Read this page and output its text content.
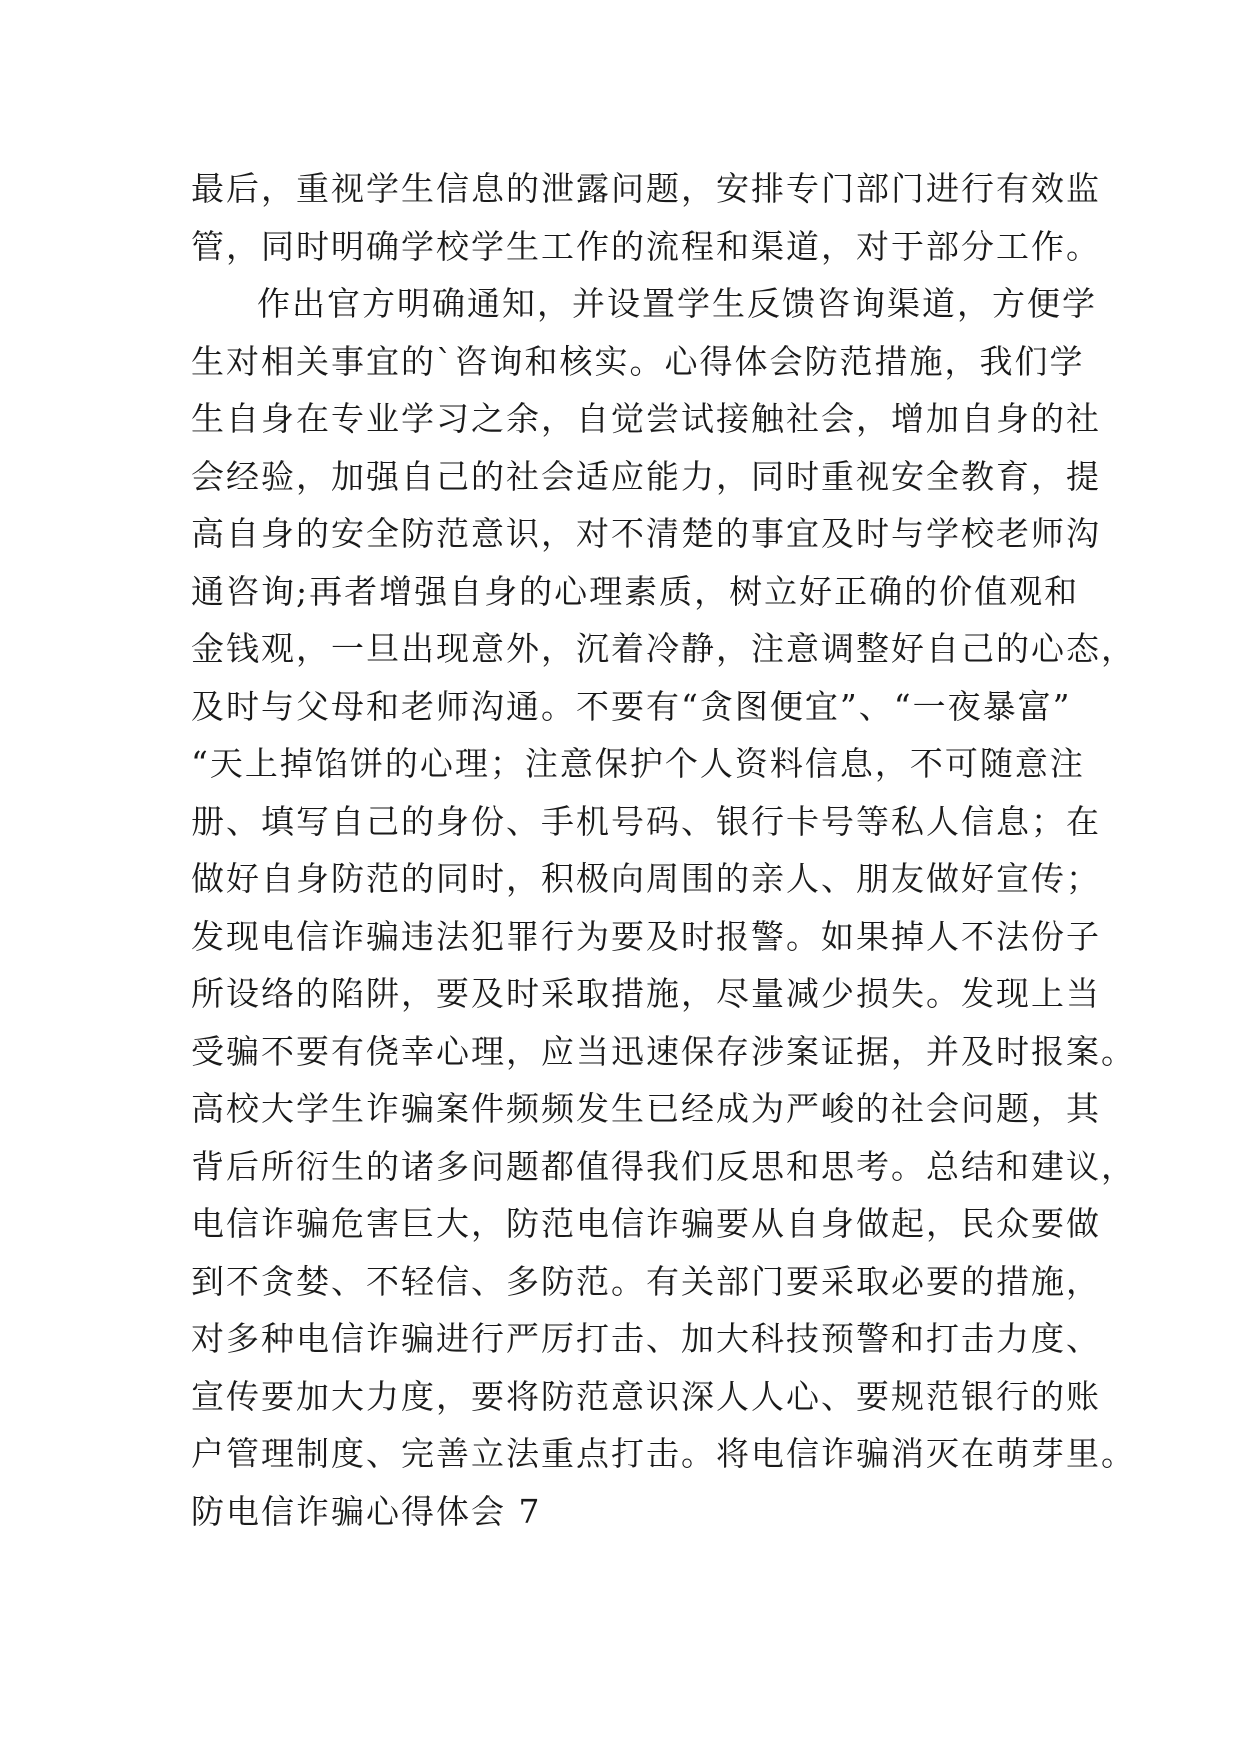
最后，重视学生信息的泄露问题，安排专门部门进行有效监
管，同时明确学校学生工作的流程和渠道，对于部分工作。
作出官方明确通知，并设置学生反馈咨询渠道，方便学
生对相关事宜的`咨询和核实。心得体会防范措施，我们学
生自身在专业学习之余，自觉尝试接触社会，增加自身的社
会经验，加强自己的社会适应能力，同时重视安全教育，提
高自身的安全防范意识，对不清楚的事宜及时与学校老师沟
通咨询;再者增强自身的心理素质，树立好正确的价值观和
金钱观，一旦出现意外，沉着冷静，注意调整好自己的心态，
及时与父母和老师沟通。不要有“贪图便宜”、“一夜暴富”
“天上掉馅饼的心理；注意保护个人资料信息，不可随意注
册、填写自己的身份、手机号码、银行卡号等私人信息；在
做好自身防范的同时，积极向周围的亲人、朋友做好宣传；
发现电信诈骗违法犯罪行为要及时报警。如果掉人不法份子
所设络的陷阱，要及时采取措施，尽量减少损失。发现上当
受骗不要有侥幸心理，应当迅速保存涉案证据，并及时报案。
高校大学生诈骗案件频频发生已经成为严峻的社会问题，其
背后所衍生的诸多问题都值得我们反思和思考。总结和建议，
电信诈骗危害巨大，防范电信诈骗要从自身做起，民众要做
到不贪婪、不轻信、多防范。有关部门要采取必要的措施，
对多种电信诈骗进行严厉打击、加大科技预警和打击力度、
宣传要加大力度，要将防范意识深人人心、要规范银行的账
户管理制度、完善立法重点打击。将电信诈骗消灭在萌芽里。
防电信诈骗心得体会 7
